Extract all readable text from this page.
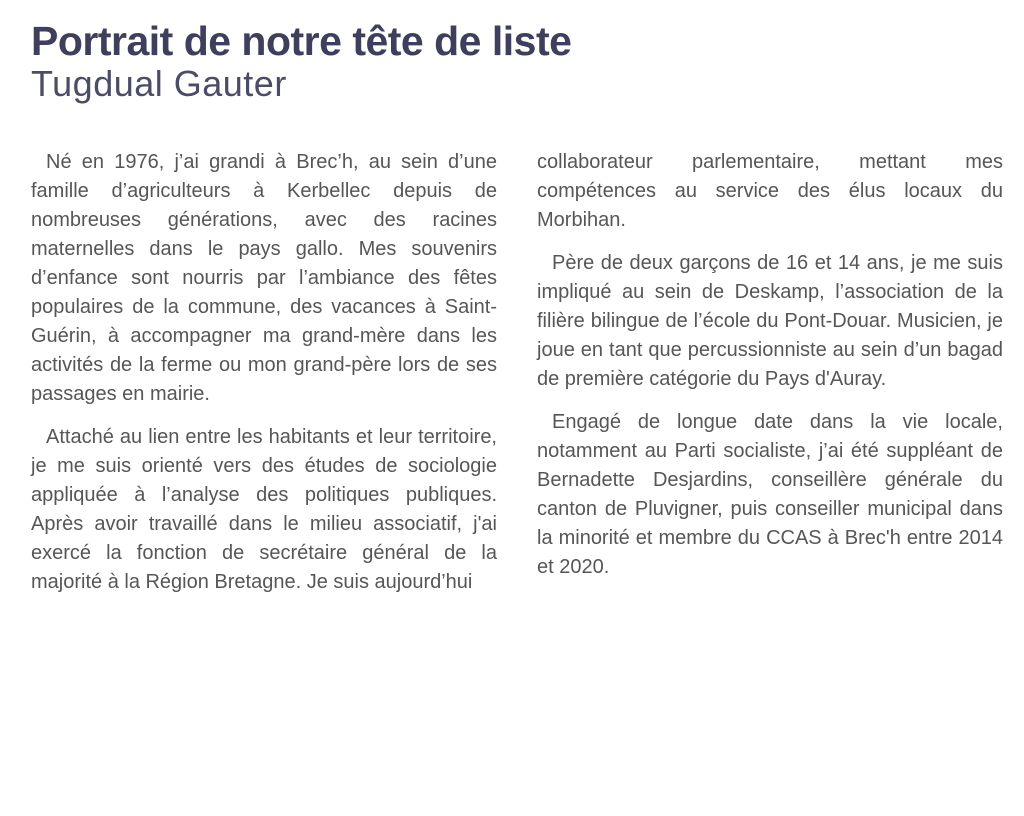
Portrait de notre tête de liste
Tugdual Gauter

Né en 1976, j’ai grandi à Brec’h, au sein d’une famille d’agriculteurs à Kerbellec depuis de nombreuses générations, avec des racines maternelles dans le pays gallo. Mes souvenirs d’enfance sont nourris par l’ambiance des fêtes populaires de la commune, des vacances à Saint-Guérin, à accompagner ma grand-mère dans les activités de la ferme ou mon grand-père lors de ses passages en mairie.

Attaché au lien entre les habitants et leur territoire, je me suis orienté vers des études de sociologie appliquée à l’analyse des politiques publiques. Après avoir travaillé dans le milieu associatif, j'ai exercé la fonction de secrétaire général de la majorité à la Région Bretagne. Je suis aujourd’hui

collaborateur parlementaire, mettant mes compétences au service des élus locaux du Morbihan.

Père de deux garçons de 16 et 14 ans, je me suis impliqué au sein de Deskamp, l’association de la filière bilingue de l’école du Pont-Douar. Musicien, je joue en tant que percussionniste au sein d’un bagad de première catégorie du Pays d'Auray.

Engagé de longue date dans la vie locale, notamment au Parti socialiste, j’ai été suppléant de Bernadette Desjardins, conseillère générale du canton de Pluvigner, puis conseiller municipal dans la minorité et membre du CCAS à Brec'h entre 2014 et 2020.
